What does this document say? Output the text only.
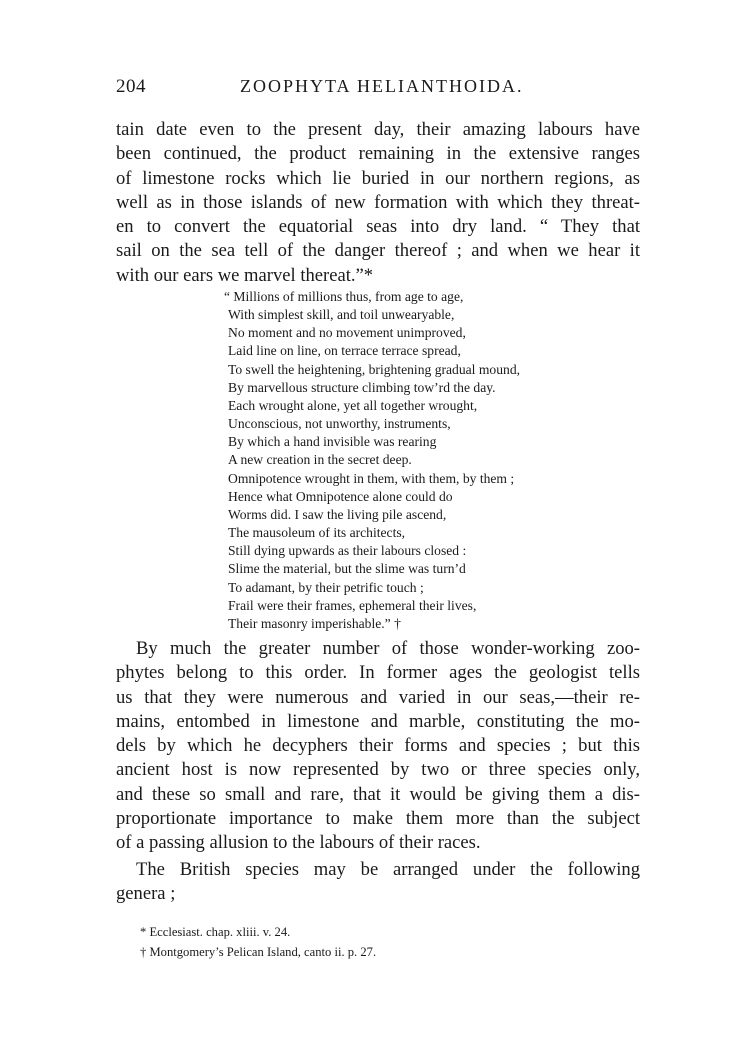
204	ZOOPHYTA HELIANTHOIDA.

tain date even to the present day, their amazing labours have
been continued, the product remaining in the extensive ranges
of limestone rocks which lie buried in our northern regions, as
well as in those islands of new formation with which they threat-
en to convert the equatorial seas into dry land. “ They that
sail on the sea tell of the danger thereof ; and when we hear it
with our ears we marvel thereat.”*

“ Millions of millions thus, from age to age,
With simplest skill, and toil unwearyable,
No moment and no movement unimproved,
Laid line on line, on terrace terrace spread,
To swell the heightening, brightening gradual mound,
By marvellous structure climbing tow’rd the day.
Each wrought alone, yet all together wrought,
Unconscious, not unworthy, instruments,
By which a hand invisible was rearing
A new creation in the secret deep.
Omnipotence wrought in them, with them, by them ;
Hence what Omnipotence alone could do
Worms did. I saw the living pile ascend,
The mausoleum of its architects,
Still dying upwards as their labours closed :
Slime the material, but the slime was turn’d
To adamant, by their petrific touch ;
Frail were their frames, ephemeral their lives,
Their masonry imperishable.” †

By much the greater number of those wonder-working zoo-
phytes belong to this order. In former ages the geologist tells
us that they were numerous and varied in our seas,—their re-
mains, entombed in limestone and marble, constituting the mo-
dels by which he decyphers their forms and species ; but this
ancient host is now represented by two or three species only,
and these so small and rare, that it would be giving them a dis-
proportionate importance to make them more than the subject
of a passing allusion to the labours of their races.

The British species may be arranged under the following
genera ;

* Ecclesiast. chap. xliii. v. 24.
† Montgomery’s Pelican Island, canto ii. p. 27.
